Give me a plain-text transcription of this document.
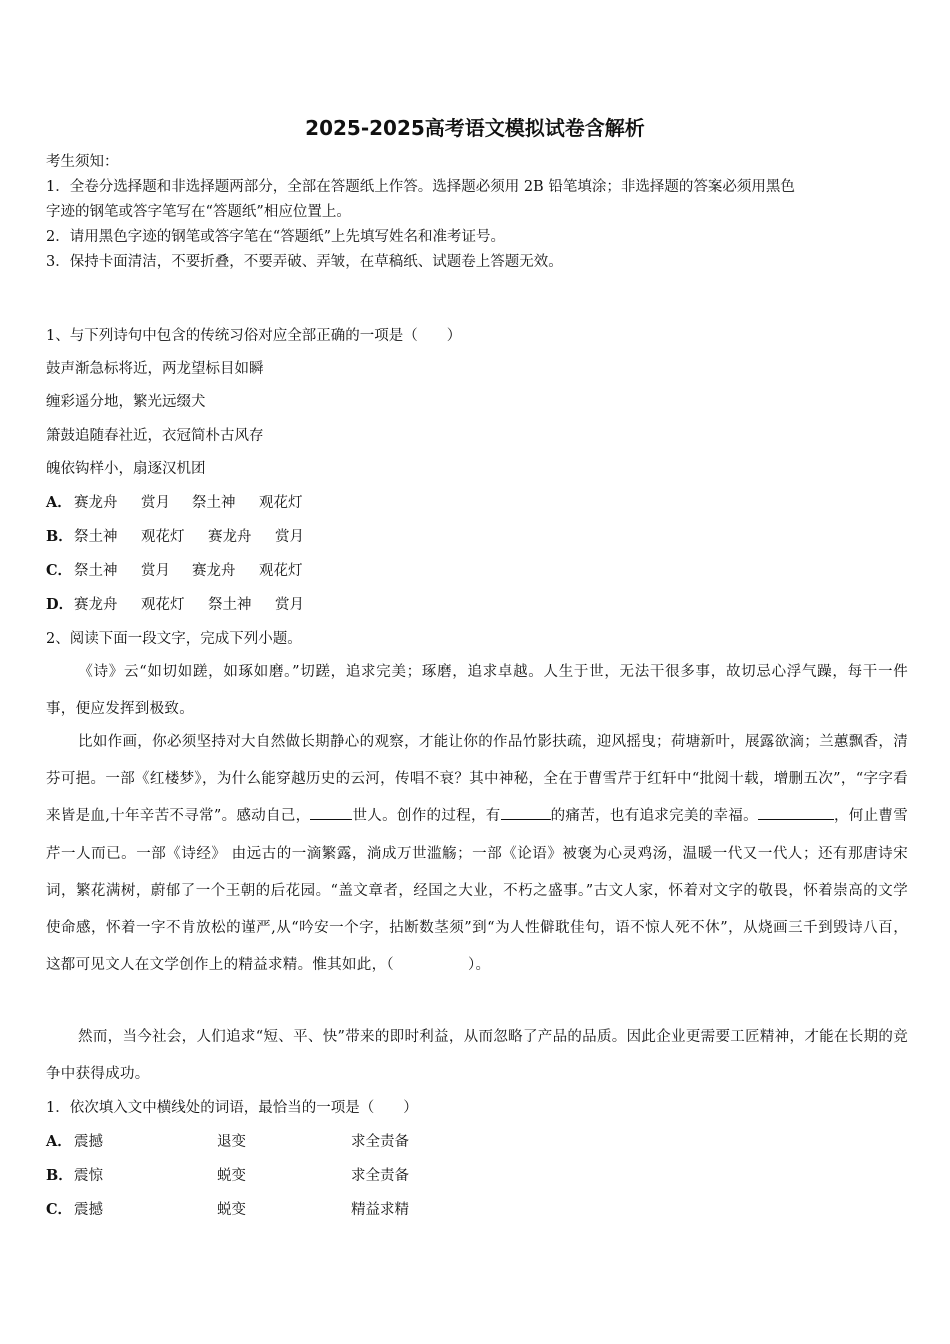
2025-2025高考语文模拟试卷含解析
考生须知：
1．全卷分选择题和非选择题两部分，全部在答题纸上作答。选择题必须用 2B 铅笔填涂；非选择题的答案必须用黑色
字迹的钢笔或答字笔写在“答题纸”相应位置上。
2．请用黑色字迹的钢笔或答字笔在“答题纸”上先填写姓名和准考证号。
3．保持卡面清洁，不要折叠，不要弄破、弄皱，在草稿纸、试题卷上答题无效。
1、与下列诗句中包含的传统习俗对应全部正确的一项是（　　）
鼓声渐急标将近，两龙望标目如瞬
缠彩遥分地，繁光远缀犬
箫鼓追随春社近，衣冠简朴古风存
魄依钩样小，扇逐汉机团
A． 赛龙舟 赏月 祭土神 观花灯
B．祭土神 观花灯 赛龙舟 赏月
C． 祭土神 赏月 赛龙舟 观花灯
D．赛龙舟 观花灯 祭土神 赏月
2、阅读下面一段文字，完成下列小题。
《诗》云“如切如蹉，如琢如磨。”切蹉，追求完美；琢磨，追求卓越。人生于世，无法干很多事，故切忌心浮气躁，每干一件事，便应发挥到极致。
比如作画，你必须坚持对大自然做长期静心的观察，才能让你的作品竹影扶疏，迎风摇曳；荷塘新叶，展露欲滴；兰蕙飘香，清芬可挹。一部《红楼梦》，为什么能穿越历史的云河，传唱不衰？其中神秘，全在于曹雪芹于红轩中“批阅十载，增删五次”，“字字看来皆是血,十年辛苦不寻常”。感动自己，	世人。创作的过程，有	的痛苦，也有追求完美的幸福。	，何止曹雪芹一人而已。一部《诗经》 由远古的一滴繁露，淌成万世滥觞；一部《论语》被褒为心灵鸡汤，温暖一代又一代人；还有那唐诗宋词，繁花满树，蔚郁了一个王朝的后花园。“盖文章者，经国之大业，不朽之盛事。”古文人家，怀着对文字的敬畏，怀着崇高的文学使命感，怀着一字不肯放松的谨严,从“吟安一个字，拈断数茎须”到“为人性僻耽佳句，语不惊人死不休”，从烧画三千到毁诗八百，这都可见文人在文学创作上的精益求精。惟其如此，（　　　　　）。
然而，当今社会，人们追求“短、平、快”带来的即时利益，从而忽略了产品的品质。因此企业更需要工匠精神，才能在长期的竞争中获得成功。
1．依次填入文中横线处的词语，最恰当的一项是（　　）
A． 震撼	退变	求全责备
B．震惊	蜕变	求全责备
C． 震撼	蜕变	精益求精
